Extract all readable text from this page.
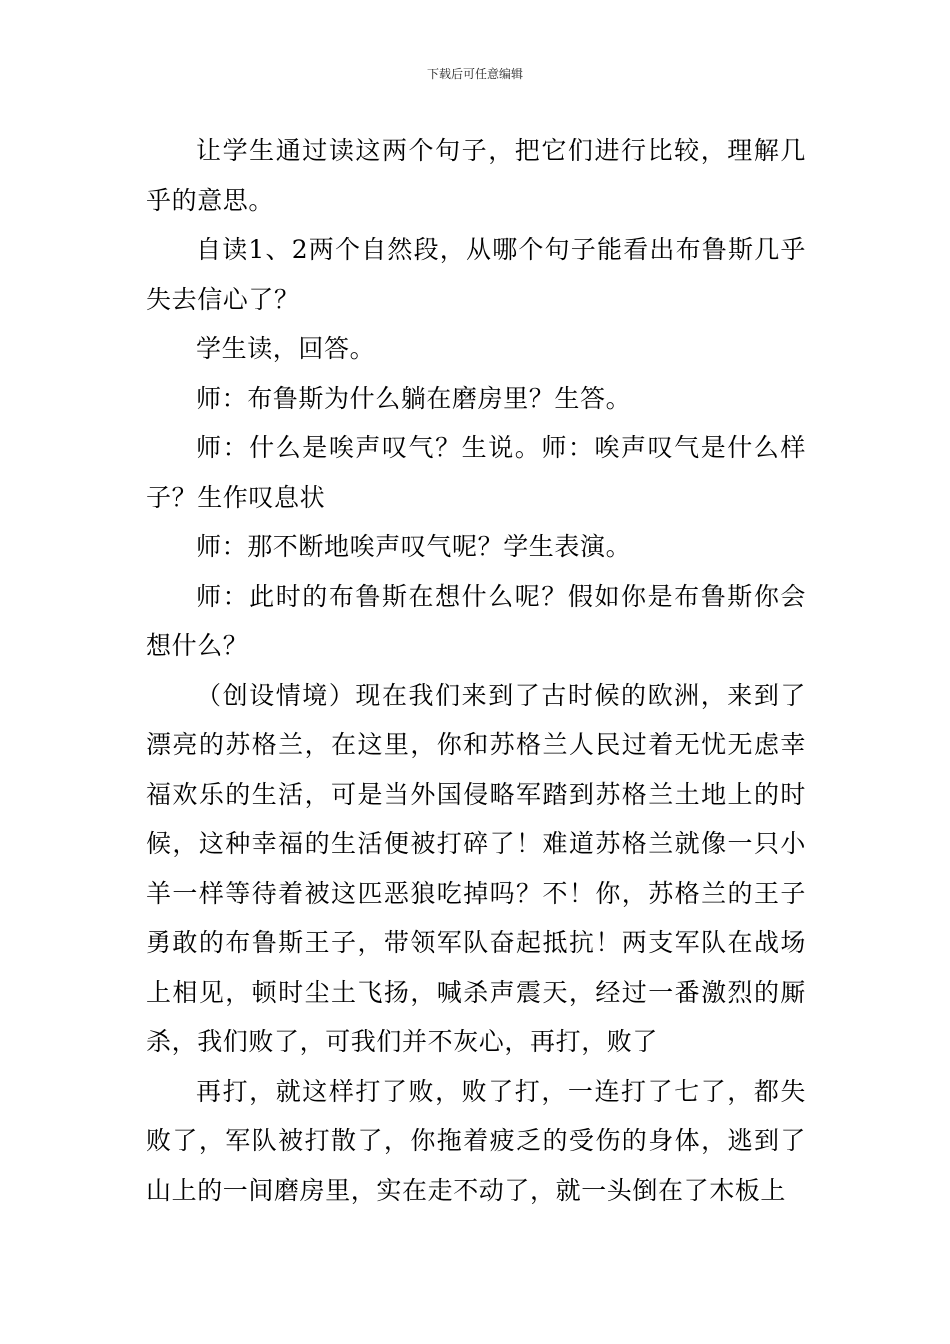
下载后可任意编辑

让学生通过读这两个句子，把它们进行比较，理解几乎的意思。

自读1、2两个自然段，从哪个句子能看出布鲁斯几乎失去信心了？

学生读，回答。

师：布鲁斯为什么躺在磨房里？生答。

师：什么是唉声叹气？生说。师：唉声叹气是什么样子？生作叹息状

师：那不断地唉声叹气呢？学生表演。

师：此时的布鲁斯在想什么呢？假如你是布鲁斯你会想什么？

（创设情境）现在我们来到了古时候的欧洲，来到了漂亮的苏格兰，在这里，你和苏格兰人民过着无忧无虑幸福欢乐的生活，可是当外国侵略军踏到苏格兰土地上的时候，这种幸福的生活便被打碎了！难道苏格兰就像一只小羊一样等待着被这匹恶狼吃掉吗？不！你，苏格兰的王子勇敢的布鲁斯王子，带领军队奋起抵抗！两支军队在战场上相见，顿时尘土飞扬，喊杀声震天，经过一番激烈的厮杀，我们败了，可我们并不灰心，再打，败了

再打，就这样打了败，败了打，一连打了七了，都失败了，军队被打散了，你拖着疲乏的受伤的身体，逃到了山上的一间磨房里，实在走不动了，就一头倒在了木板上
